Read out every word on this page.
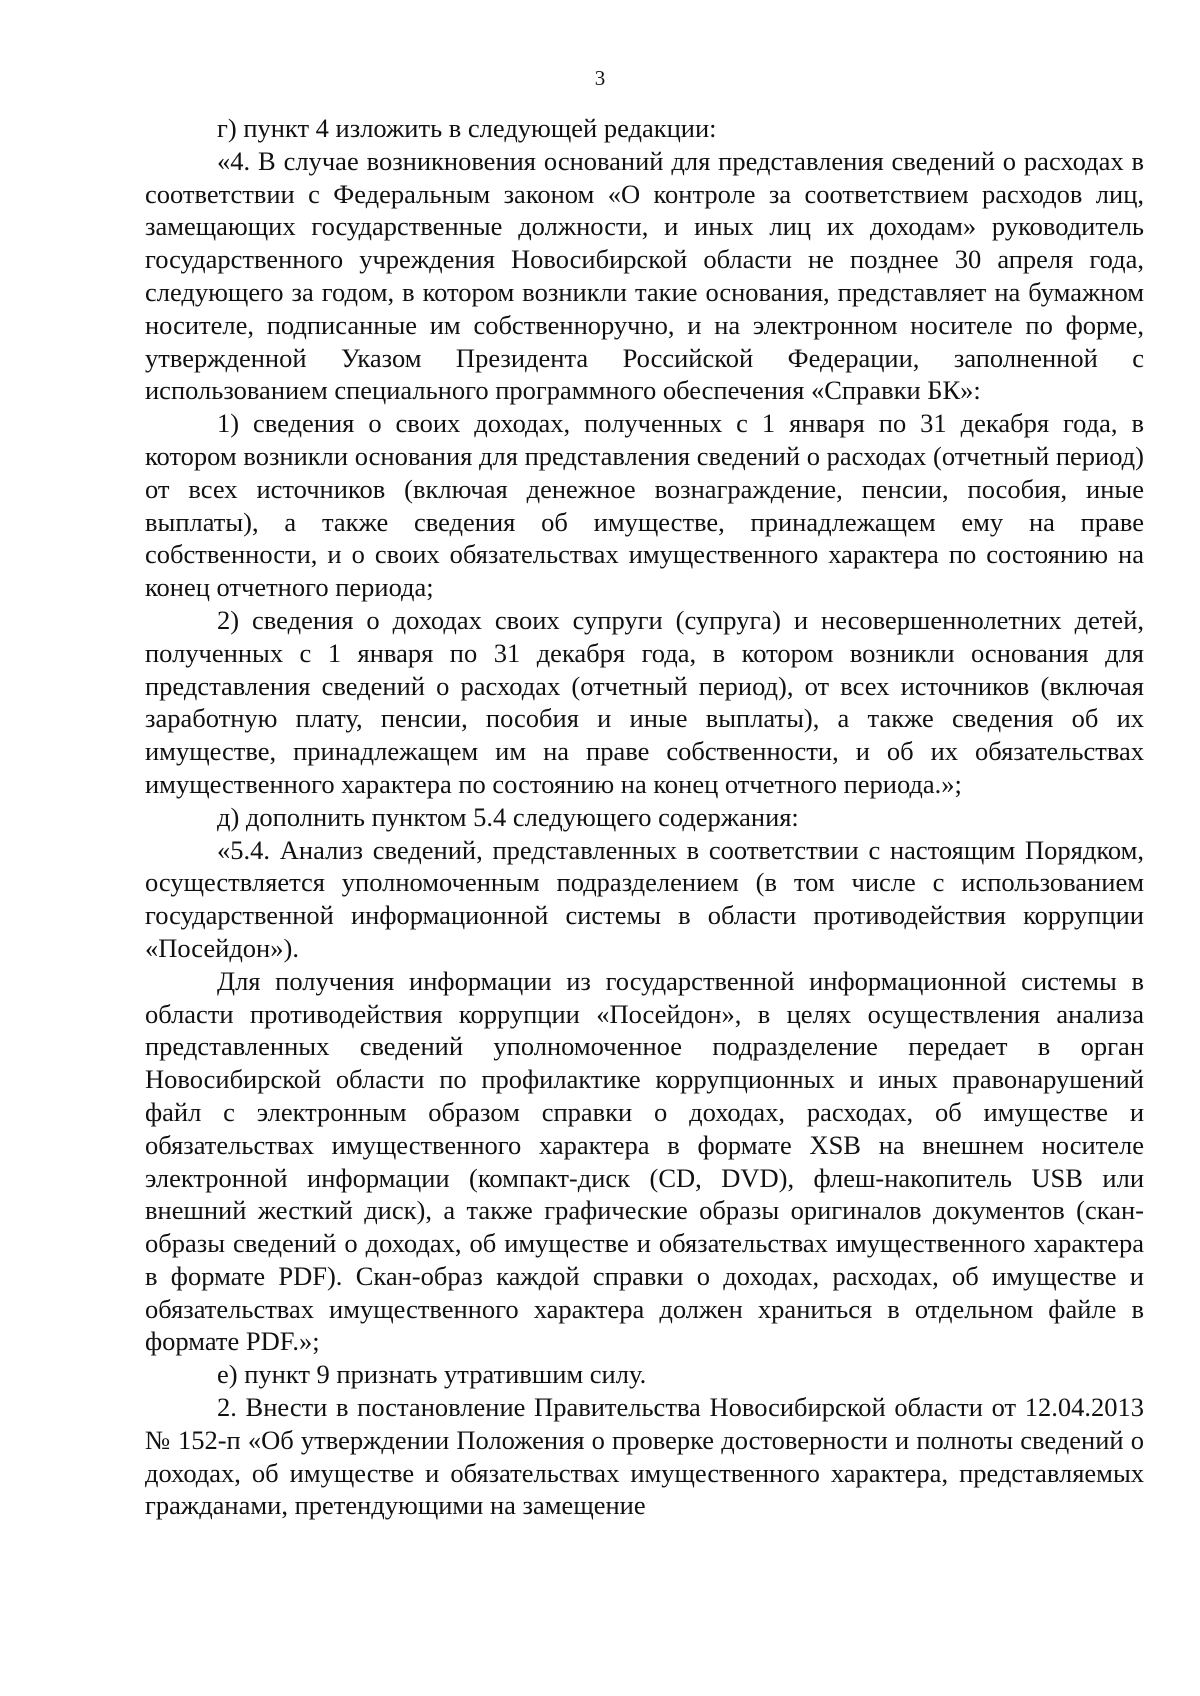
3

г) пункт 4 изложить в следующей редакции:

«4. В случае возникновения оснований для представления сведений о расходах в соответствии с Федеральным законом «О контроле за соответствием расходов лиц, замещающих государственные должности, и иных лиц их доходам» руководитель государственного учреждения Новосибирской области не позднее 30 апреля года, следующего за годом, в котором возникли такие основания, представляет на бумажном носителе, подписанные им собственноручно, и на электронном носителе по форме, утвержденной Указом Президента Российской Федерации, заполненной с использованием специального программного обеспечения «Справки БК»:

1) сведения о своих доходах, полученных с 1 января по 31 декабря года, в котором возникли основания для представления сведений о расходах (отчетный период) от всех источников (включая денежное вознаграждение, пенсии, пособия, иные выплаты), а также сведения об имуществе, принадлежащем ему на праве собственности, и о своих обязательствах имущественного характера по состоянию на конец отчетного периода;

2) сведения о доходах своих супруги (супруга) и несовершеннолетних детей, полученных с 1 января по 31 декабря года, в котором возникли основания для представления сведений о расходах (отчетный период), от всех источников (включая заработную плату, пенсии, пособия и иные выплаты), а также сведения об их имуществе, принадлежащем им на праве собственности, и об их обязательствах имущественного характера по состоянию на конец отчетного периода.»;

д) дополнить пунктом 5.4 следующего содержания:

«5.4. Анализ сведений, представленных в соответствии с настоящим Порядком, осуществляется уполномоченным подразделением (в том числе с использованием государственной информационной системы в области противодействия коррупции «Посейдон»).

Для получения информации из государственной информационной системы в области противодействия коррупции «Посейдон», в целях осуществления анализа представленных сведений уполномоченное подразделение передает в орган Новосибирской области по профилактике коррупционных и иных правонарушений файл с электронным образом справки о доходах, расходах, об имуществе и обязательствах имущественного характера в формате XSB на внешнем носителе электронной информации (компакт-диск (CD, DVD), флеш-накопитель USB или внешний жесткий диск), а также графические образы оригиналов документов (скан-образы сведений о доходах, об имуществе и обязательствах имущественного характера в формате PDF). Скан-образ каждой справки о доходах, расходах, об имуществе и обязательствах имущественного характера должен храниться в отдельном файле в формате PDF.»;

е) пункт 9 признать утратившим силу.

2. Внести в постановление Правительства Новосибирской области от 12.04.2013 № 152-п «Об утверждении Положения о проверке достоверности и полноты сведений о доходах, об имуществе и обязательствах имущественного характера, представляемых гражданами, претендующими на замещение
